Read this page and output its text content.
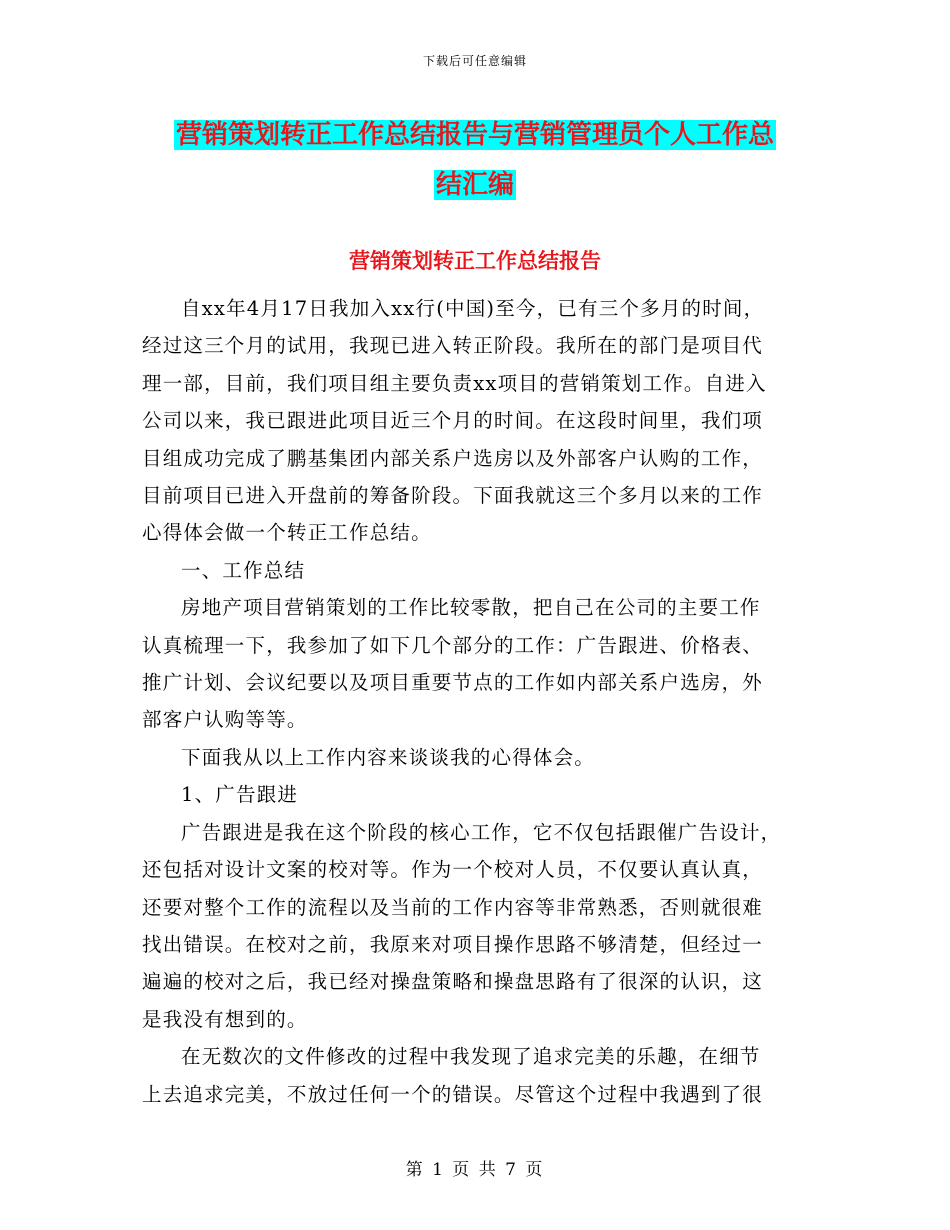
下载后可任意编辑
营销策划转正工作总结报告与营销管理员个人工作总
结汇编
营销策划转正工作总结报告

自xx年4月17日我加入xx行(中国)至今，已有三个多月的时间，

经过这三个月的试用，我现已进入转正阶段。我所在的部门是项目代

理一部，目前，我们项目组主要负责xx项目的营销策划工作。自进入

公司以来，我已跟进此项目近三个月的时间。在这段时间里，我们项

目组成功完成了鹏基集团内部关系户选房以及外部客户认购的工作，

目前项目已进入开盘前的筹备阶段。下面我就这三个多月以来的工作

心得体会做一个转正工作总结。

一、工作总结

房地产项目营销策划的工作比较零散，把自己在公司的主要工作

认真梳理一下，我参加了如下几个部分的工作：广告跟进、价格表、

推广计划、会议纪要以及项目重要节点的工作如内部关系户选房，外

部客户认购等等。

下面我从以上工作内容来谈谈我的心得体会。

1、广告跟进

广告跟进是我在这个阶段的核心工作，它不仅包括跟催广告设计，

还包括对设计文案的校对等。作为一个校对人员，不仅要认真认真，

还要对整个工作的流程以及当前的工作内容等非常熟悉，否则就很难

找出错误。在校对之前，我原来对项目操作思路不够清楚，但经过一

遍遍的校对之后，我已经对操盘策略和操盘思路有了很深的认识，这

是我没有想到的。

在无数次的文件修改的过程中我发现了追求完美的乐趣，在细节

上去追求完美，不放过任何一个的错误。尽管这个过程中我遇到了很

第 1 页 共 7 页
